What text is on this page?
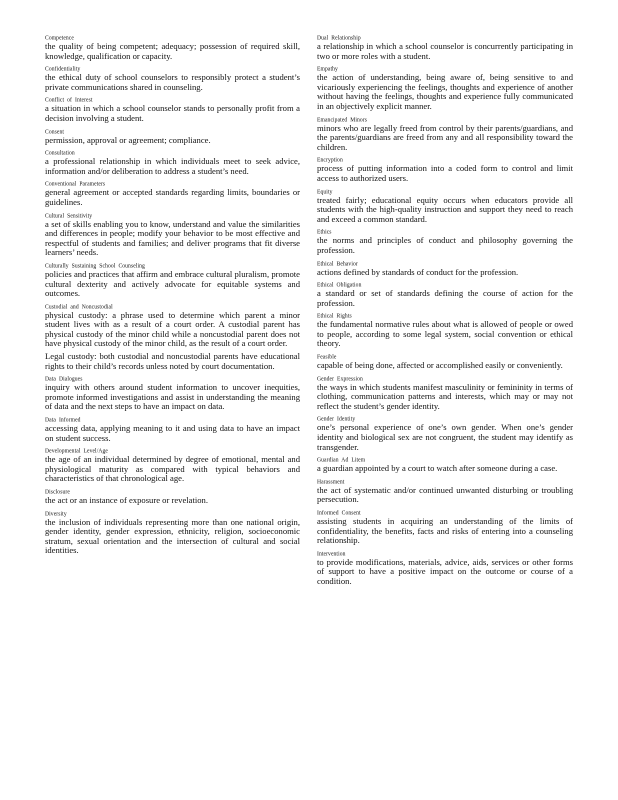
Competence

the quality of being competent; adequacy; possession of required skill, knowledge, qualification or capacity.

Confidentiality

the ethical duty of school counselors to responsibly protect a student’s private communications shared in counseling.

Conflict of Interest

a situation in which a school counselor stands to personally profit from a decision involving a student.

Consent

permission, approval or agreement; compliance.

Consultation

a professional relationship in which individuals meet to seek advice, information and/or deliberation to address a student’s need.

Conventional Parameters

general agreement or accepted standards regarding limits, boundaries or guidelines.

Cultural Sensitivity

a set of skills enabling you to know, understand and value the similarities and differences in people; modify your behavior to be most effective and respectful of students and families; and deliver programs that fit diverse learners’ needs.

Culturally Sustaining School Counseling

policies and practices that affirm and embrace cultural pluralism, promote cultural dexterity and actively advocate for equitable systems and outcomes.

Custodial and Noncustodial

physical custody: a phrase used to determine which parent a minor student lives with as a result of a court order. A custodial parent has physical custody of the minor child while a noncustodial parent does not have physical custody of the minor child, as the result of a court order.

Legal custody: both custodial and noncustodial parents have educational rights to their child’s records unless noted by court documentation.

Data Dialogues

inquiry with others around student information to uncover inequities, promote informed investigations and assist in understanding the meaning of data and the next steps to have an impact on data.

Data Informed

accessing data, applying meaning to it and using data to have an impact on student success.

Developmental Level/Age

the age of an individual determined by degree of emotional, mental and physiological maturity as compared with typical behaviors and characteristics of that chronological age.

Disclosure

the act or an instance of exposure or revelation.

Diversity

the inclusion of individuals representing more than one national origin, gender identity, gender expression, ethnicity, religion, socioeconomic stratum, sexual orientation and the intersection of cultural and social identities.

Dual Relationship

a relationship in which a school counselor is concurrently participating in two or more roles with a student.

Empathy

the action of understanding, being aware of, being sensitive to and vicariously experiencing the feelings, thoughts and experience of another without having the feelings, thoughts and experience fully communicated in an objectively explicit manner.

Emancipated Minors

minors who are legally freed from control by their parents/guardians, and the parents/guardians are freed from any and all responsibility toward the children.

Encryption

process of putting information into a coded form to control and limit access to authorized users.

Equity

treated fairly; educational equity occurs when educators provide all students with the high-quality instruction and support they need to reach and exceed a common standard.

Ethics

the norms and principles of conduct and philosophy governing the profession.

Ethical Behavior

actions defined by standards of conduct for the profession.

Ethical Obligation

a standard or set of standards defining the course of action for the profession.

Ethical Rights

the fundamental normative rules about what is allowed of people or owed to people, according to some legal system, social convention or ethical theory.

Feasible

capable of being done, affected or accomplished easily or conveniently.

Gender Expression

the ways in which students manifest masculinity or femininity in terms of clothing, communication patterns and interests, which may or may not reflect the student’s gender identity.

Gender Identity

one’s personal experience of one’s own gender. When one’s gender identity and biological sex are not congruent, the student may identify as transgender.

Guardian Ad Litem

a guardian appointed by a court to watch after someone during a case.

Harassment

the act of systematic and/or continued unwanted disturbing or troubling persecution.

Informed Consent

assisting students in acquiring an understanding of the limits of confidentiality, the benefits, facts and risks of entering into a counseling relationship.

Intervention

to provide modifications, materials, advice, aids, services or other forms of support to have a positive impact on the outcome or course of a condition.
